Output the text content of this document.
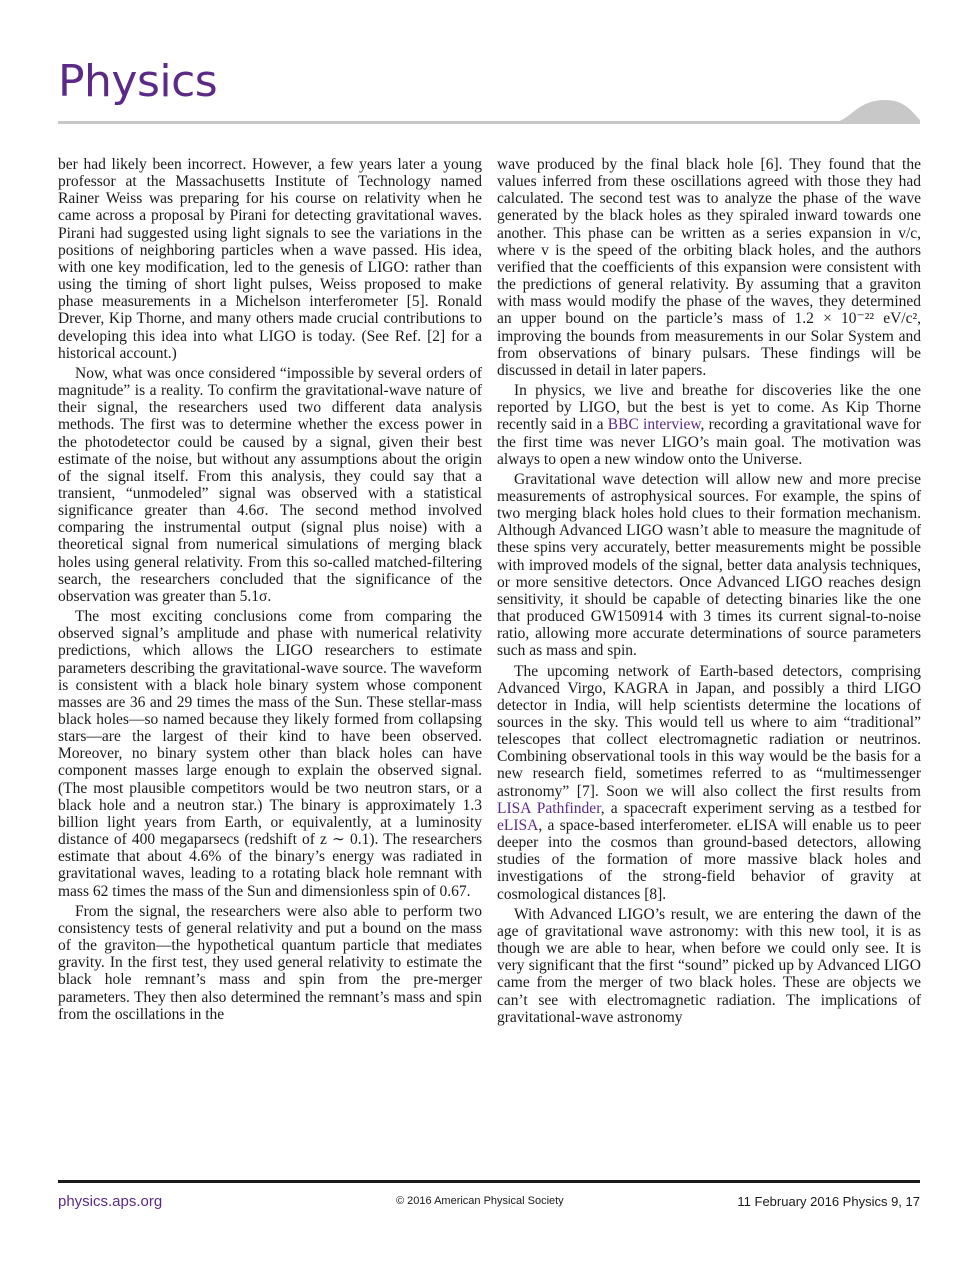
Physics

ber had likely been incorrect. However, a few years later a young professor at the Massachusetts Institute of Technology named Rainer Weiss was preparing for his course on relativity when he came across a proposal by Pirani for detecting gravitational waves. Pirani had suggested using light signals to see the variations in the positions of neighboring particles when a wave passed. His idea, with one key modification, led to the genesis of LIGO: rather than using the timing of short light pulses, Weiss proposed to make phase measurements in a Michelson interferometer [5]. Ronald Drever, Kip Thorne, and many others made crucial contributions to developing this idea into what LIGO is today. (See Ref. [2] for a historical account.)

Now, what was once considered “impossible by several orders of magnitude” is a reality. To confirm the gravitational-wave nature of their signal, the researchers used two different data analysis methods. The first was to determine whether the excess power in the photodetector could be caused by a signal, given their best estimate of the noise, but without any assumptions about the origin of the signal itself. From this analysis, they could say that a transient, “unmodeled” signal was observed with a statistical significance greater than 4.6σ. The second method involved comparing the instrumental output (signal plus noise) with a theoretical signal from numerical simulations of merging black holes using general relativity. From this so-called matched-filtering search, the researchers concluded that the significance of the observation was greater than 5.1σ.

The most exciting conclusions come from comparing the observed signal’s amplitude and phase with numerical relativity predictions, which allows the LIGO researchers to estimate parameters describing the gravitational-wave source. The waveform is consistent with a black hole binary system whose component masses are 36 and 29 times the mass of the Sun. These stellar-mass black holes—so named because they likely formed from collapsing stars—are the largest of their kind to have been observed. Moreover, no binary system other than black holes can have component masses large enough to explain the observed signal. (The most plausible competitors would be two neutron stars, or a black hole and a neutron star.) The binary is approximately 1.3 billion light years from Earth, or equivalently, at a luminosity distance of 400 megaparsecs (redshift of z ∼ 0.1). The researchers estimate that about 4.6% of the binary’s energy was radiated in gravitational waves, leading to a rotating black hole remnant with mass 62 times the mass of the Sun and dimensionless spin of 0.67.

From the signal, the researchers were also able to perform two consistency tests of general relativity and put a bound on the mass of the graviton—the hypothetical quantum particle that mediates gravity. In the first test, they used general relativity to estimate the black hole remnant’s mass and spin from the pre-merger parameters. They then also determined the remnant’s mass and spin from the oscillations in the

wave produced by the final black hole [6]. They found that the values inferred from these oscillations agreed with those they had calculated. The second test was to analyze the phase of the wave generated by the black holes as they spiraled inward towards one another. This phase can be written as a series expansion in v/c, where v is the speed of the orbiting black holes, and the authors verified that the coefficients of this expansion were consistent with the predictions of general relativity. By assuming that a graviton with mass would modify the phase of the waves, they determined an upper bound on the particle’s mass of 1.2 × 10⁻²² eV/c², improving the bounds from measurements in our Solar System and from observations of binary pulsars. These findings will be discussed in detail in later papers.

In physics, we live and breathe for discoveries like the one reported by LIGO, but the best is yet to come. As Kip Thorne recently said in a BBC interview, recording a gravitational wave for the first time was never LIGO’s main goal. The motivation was always to open a new window onto the Universe.

Gravitational wave detection will allow new and more precise measurements of astrophysical sources. For example, the spins of two merging black holes hold clues to their formation mechanism. Although Advanced LIGO wasn’t able to measure the magnitude of these spins very accurately, better measurements might be possible with improved models of the signal, better data analysis techniques, or more sensitive detectors. Once Advanced LIGO reaches design sensitivity, it should be capable of detecting binaries like the one that produced GW150914 with 3 times its current signal-to-noise ratio, allowing more accurate determinations of source parameters such as mass and spin.

The upcoming network of Earth-based detectors, comprising Advanced Virgo, KAGRA in Japan, and possibly a third LIGO detector in India, will help scientists determine the locations of sources in the sky. This would tell us where to aim “traditional” telescopes that collect electromagnetic radiation or neutrinos. Combining observational tools in this way would be the basis for a new research field, sometimes referred to as “multimessenger astronomy” [7]. Soon we will also collect the first results from LISA Pathfinder, a spacecraft experiment serving as a testbed for eLISA, a space-based interferometer. eLISA will enable us to peer deeper into the cosmos than ground-based detectors, allowing studies of the formation of more massive black holes and investigations of the strong-field behavior of gravity at cosmological distances [8].

With Advanced LIGO’s result, we are entering the dawn of the age of gravitational wave astronomy: with this new tool, it is as though we are able to hear, when before we could only see. It is very significant that the first “sound” picked up by Advanced LIGO came from the merger of two black holes. These are objects we can’t see with electromagnetic radiation. The implications of gravitational-wave astronomy

physics.aps.org	© 2016 American Physical Society	11 February 2016 Physics 9, 17
